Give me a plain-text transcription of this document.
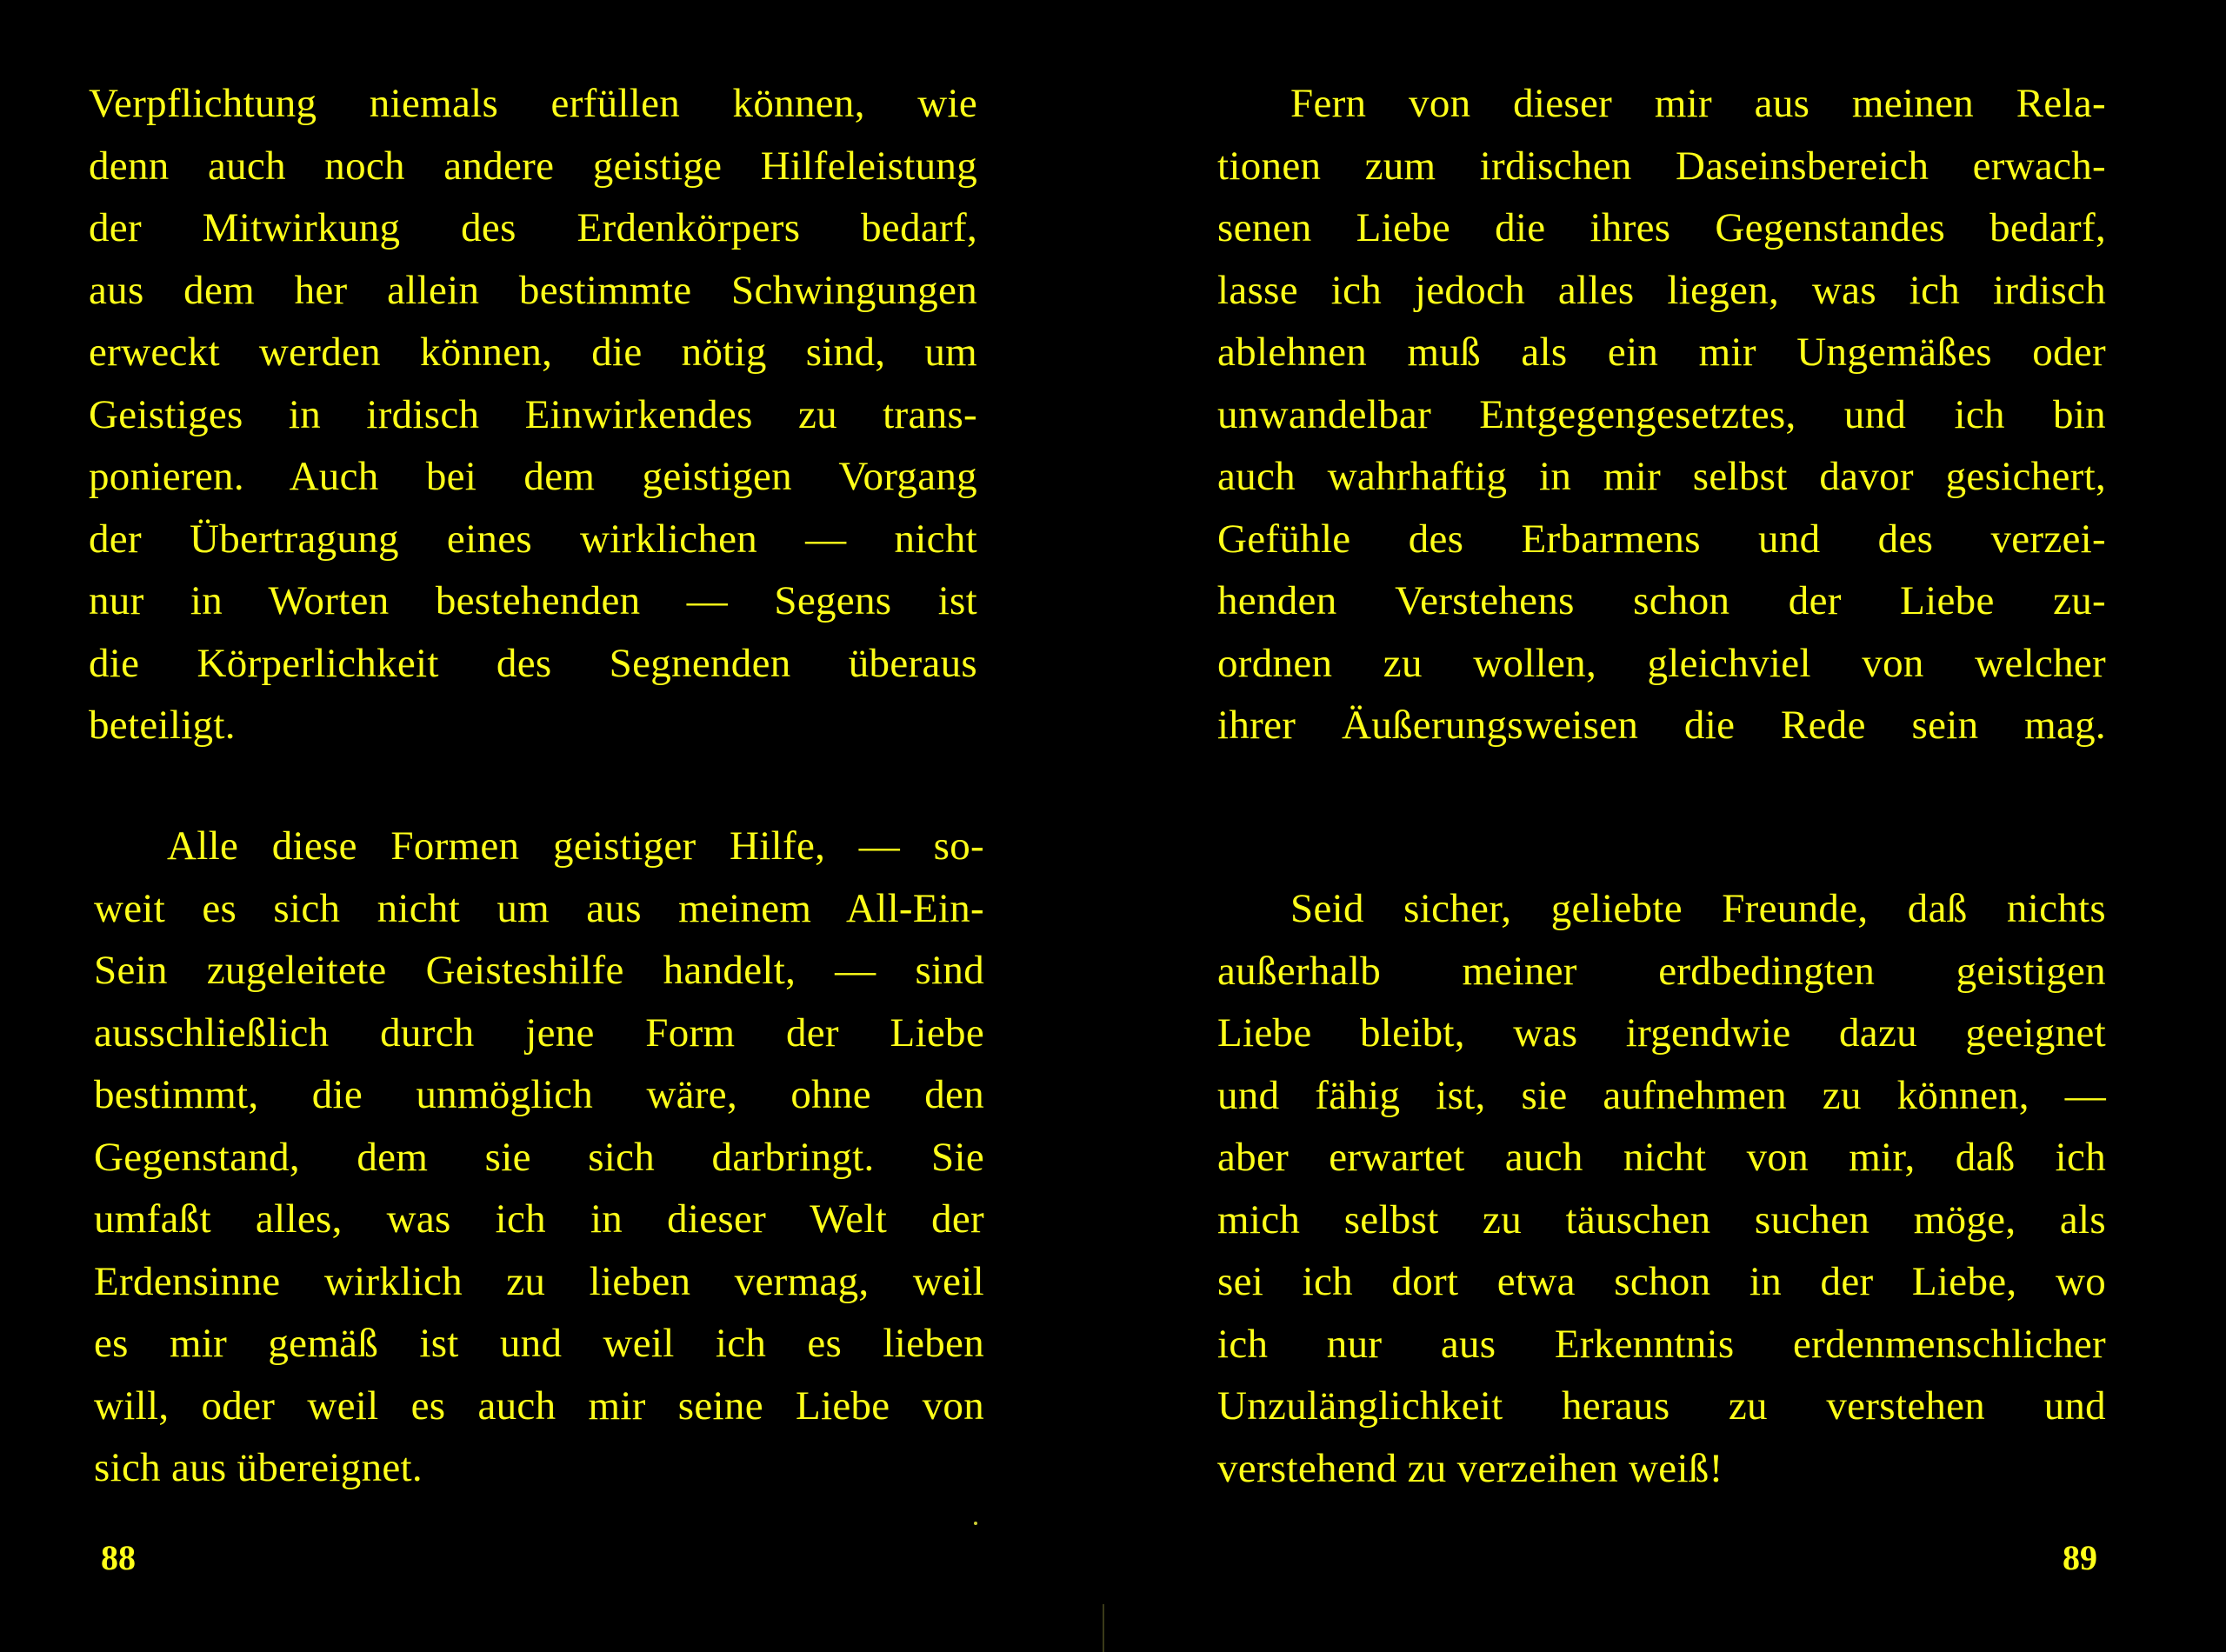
Verpflichtung niemals erfüllen können, wie
denn auch noch andere geistige Hilfeleistung
der Mitwirkung des Erdenkörpers bedarf,
aus dem her allein bestimmte Schwingungen
erweckt werden können, die nötig sind, um
Geistiges in irdisch Einwirkendes zu trans-
ponieren. Auch bei dem geistigen Vorgang
der Übertragung eines wirklichen — nicht
nur in Worten bestehenden — Segens ist
die Körperlichkeit des Segnenden überaus
beteiligt.
Alle diese Formen geistiger Hilfe, — so-
weit es sich nicht um aus meinem All-Ein-
Sein zugeleitete Geisteshilfe handelt, — sind
ausschließlich durch jene Form der Liebe
bestimmt, die unmöglich wäre, ohne den
Gegenstand, dem sie sich darbringt. Sie
umfaßt alles, was ich in dieser Welt der
Erdensinne wirklich zu lieben vermag, weil
es mir gemäß ist und weil ich es lieben
will, oder weil es auch mir seine Liebe von
sich aus übereignet.
88
Fern von dieser mir aus meinen Rela-
tionen zum irdischen Daseinsbereich erwach-
senen Liebe die ihres Gegenstandes bedarf,
lasse ich jedoch alles liegen, was ich irdisch
ablehnen muß als ein mir Ungemäßes oder
unwandelbar Entgegengesetztes, und ich bin
auch wahrhaftig in mir selbst davor gesichert,
Gefühle des Erbarmens und des verzei-
henden Verstehens schon der Liebe zu-
ordnen zu wollen, gleichviel von welcher
ihrer Äußerungsweisen die Rede sein mag.
Seid sicher, geliebte Freunde, daß nichts
außerhalb meiner erdbedingten geistigen
Liebe bleibt, was irgendwie dazu geeignet
und fähig ist, sie aufnehmen zu können, —
aber erwartet auch nicht von mir, daß ich
mich selbst zu täuschen suchen möge, als
sei ich dort etwa schon in der Liebe, wo
ich nur aus Erkenntnis erdenmenschlicher
Unzulänglichkeit heraus zu verstehen und
verstehend zu verzeihen weiß!
89
